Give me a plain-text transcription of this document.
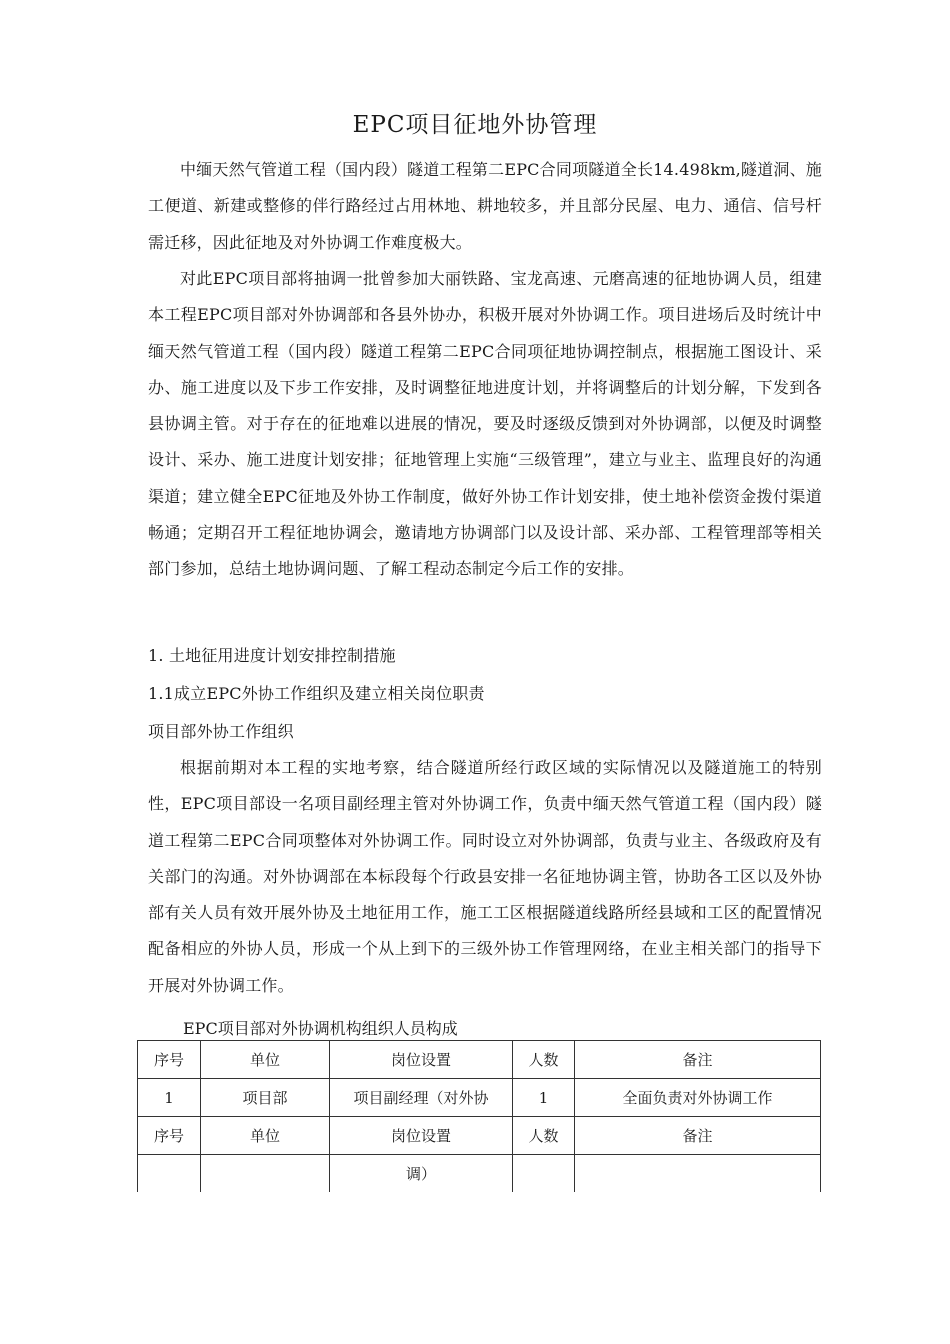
EPC项目征地外协管理

中缅天然气管道工程（国内段）隧道工程第二EPC合同项隧道全长14.498km,隧道洞、施工便道、新建或整修的伴行路经过占用林地、耕地较多，并且部分民屋、电力、通信、信号杆需迁移，因此征地及对外协调工作难度极大。

对此EPC项目部将抽调一批曾参加大丽铁路、宝龙高速、元磨高速的征地协调人员，组建本工程EPC项目部对外协调部和各县外协办，积极开展对外协调工作。项目进场后及时统计中缅天然气管道工程（国内段）隧道工程第二EPC合同项征地协调控制点，根据施工图设计、采办、施工进度以及下步工作安排，及时调整征地进度计划，并将调整后的计划分解，下发到各县协调主管。对于存在的征地难以进展的情况，要及时逐级反馈到对外协调部，以便及时调整设计、采办、施工进度计划安排；征地管理上实施“三级管理”，建立与业主、监理良好的沟通渠道；建立健全EPC征地及外协工作制度，做好外协工作计划安排，使土地补偿资金拨付渠道畅通；定期召开工程征地协调会，邀请地方协调部门以及设计部、采办部、工程管理部等相关部门参加，总结土地协调问题、了解工程动态制定今后工作的安排。

1. 土地征用进度计划安排控制措施

1.1成立EPC外协工作组织及建立相关岗位职责

项目部外协工作组织

根据前期对本工程的实地考察，结合隧道所经行政区域的实际情况以及隧道施工的特别性，EPC项目部设一名项目副经理主管对外协调工作，负责中缅天然气管道工程（国内段）隧道工程第二EPC合同项整体对外协调工作。同时设立对外协调部，负责与业主、各级政府及有关部门的沟通。对外协调部在本标段每个行政县安排一名征地协调主管，协助各工区以及外协部有关人员有效开展外协及土地征用工作，施工工区根据隧道线路所经县域和工区的配置情况配备相应的外协人员，形成一个从上到下的三级外协工作管理网络，在业主相关部门的指导下开展对外协调工作。

EPC项目部对外协调机构组织人员构成
序号	单位	岗位设置	人数	备注
1	项目部	项目副经理（对外协	1	全面负责对外协调工作
序号	单位	岗位设置	人数	备注
		调）		
